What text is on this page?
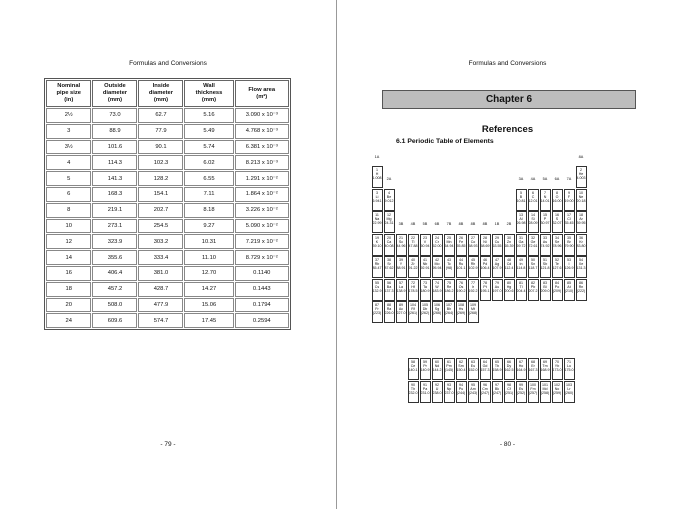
Formulas and Conversions
Nominal
pipe size
(in)	Outside
diameter
(mm)	Inside
diameter
(mm)	Wall
thickness
(mm)	Flow area
(m²)
2½	73.0	62.7	5.16	3.090 x 10⁻³
3	88.9	77.9	5.49	4.768 x 10⁻³
3½	101.6	90.1	5.74	6.381 x 10⁻³
4	114.3	102.3	6.02	8.213 x 10⁻³
5	141.3	128.2	6.55	1.291 x 10⁻²
6	168.3	154.1	7.11	1.864 x 10⁻²
8	219.1	202.7	8.18	3.226 x 10⁻²
10	273.1	254.5	9.27	5.090 x 10⁻²
12	323.9	303.2	10.31	7.219 x 10⁻²
14	355.6	333.4	11.10	8.729 x 10⁻²
16	406.4	381.0	12.70	0.1140
18	457.2	428.7	14.27	0.1443
20	508.0	477.9	15.06	0.1794
24	609.6	574.7	17.45	0.2594
- 79 -
Formulas and Conversions
Chapter 6
References
6.1 Periodic Table of Elements
1
H
1.008
2
He
4.003
3
Li
6.941
4
Be
9.012
5
B
10.81
6
C
12.01
7
N
14.01
8
O
16.00
9
F
19.00
10
Ne
20.18
11
Na
22.99
12
Mg
24.31
13
Al
26.98
14
Si
28.09
15
P
30.97
16
S
32.07
17
Cl
35.45
18
Ar
39.95
19
K
39.10
20
Ca
40.08
21
Sc
44.96
22
Ti
47.88
23
V
50.94
24
Cr
52.00
25
Mn
54.94
26
Fe
55.85
27
Co
58.93
28
Ni
58.69
29
Cu
63.55
30
Zn
65.39
31
Ga
69.72
32
Ge
72.61
33
As
74.92
34
Se
78.96
35
Br
79.90
36
Kr
83.80
37
Rb
85.47
38
Sr
87.62
39
Y
88.91
40
Zr
91.22
41
Nb
92.91
42
Mo
95.94
43
Tc
(98)
44
Ru
101.1
45
Rh
102.9
46
Pd
106.4
47
Ag
107.9
48
Cd
112.4
49
In
114.8
50
Sn
118.7
51
Sb
121.8
52
Te
127.6
53
I
126.9
54
Xe
131.3
55
Cs
132.9
56
Ba
137.3
57
La
138.9
72
Hf
178.5
73
Ta
180.9
74
W
183.9
75
Re
186.2
76
Os
190.2
77
Ir
192.2
78
Pt
195.1
79
Au
197.0
80
Hg
200.6
81
Tl
204.4
82
Pb
207.2
83
Bi
209.0
84
Po
(209)
85
At
(210)
86
Rn
(222)
87
Fr
(223)
88
Ra
226.0
89
Ac
227.0
104
Rf
(261)
105
Db
(262)
106
Sg
(266)
107
Bh
(264)
108
Hs
(269)
109
Mt
(268)
58
Ce
140.1
59
Pr
140.9
60
Nd
144.2
61
Pm
(145)
62
Sm
150.4
63
Eu
152.0
64
Gd
157.3
65
Tb
158.9
66
Dy
162.5
67
Ho
164.9
68
Er
167.3
69
Tm
168.9
70
Yb
173.0
71
Lu
175.0
90
Th
232.0
91
Pa
231.0
92
U
238.0
93
Np
237.0
94
Pu
(244)
95
Am
(243)
96
Cm
(247)
97
Bk
(247)
98
Cf
(251)
99
Es
(252)
100
Fm
(257)
101
Md
(258)
102
No
(259)
103
Lr
(260)
1A
2A
3B	4B	5B	6B	7B	8B	8B	8B	1B	2B
3A	4A	5A	6A	7A
8A
- 80 -
